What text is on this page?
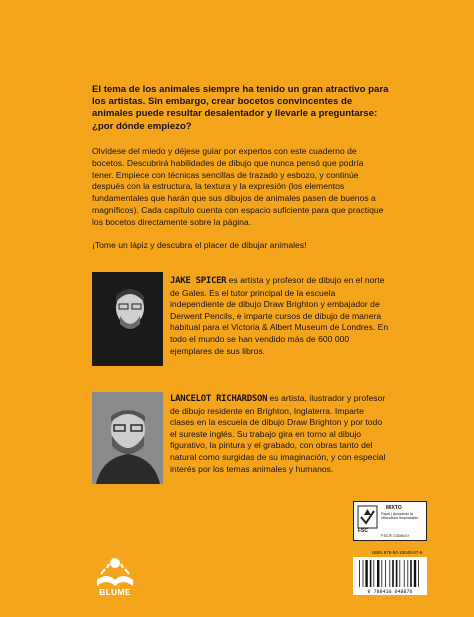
El tema de los animales siempre ha tenido un gran atractivo para los artistas. Sin embargo, crear bocetos convincentes de animales puede resultar desalentador y llevarle a preguntarse: ¿por dónde empiezo?
Olvídese del miedo y déjese guiar por expertos con este cuaderno de bocetos. Descubrirá habilidades de dibujo que nunca pensó que podría tener. Empiece con técnicas sencillas de trazado y esbozo, y continúe después con la estructura, la textura y la expresión (los elementos fundamentales que harán que sus dibujos de animales pasen de buenos a magníficos). Cada capítulo cuenta con espacio suficiente para que practique los bocetos directamente sobre la página.
¡Tome un lápiz y descubra el placer de dibujar animales!
JAKE SPICER es artista y profesor de dibujo en el norte de Gales. Es el tutor principal de la escuela independiente de dibujo Draw Brighton y embajador de Derwent Pencils, e imparte cursos de dibujo de manera habitual para el Victoria & Albert Museum de Londres. En todo el mundo se han vendido más de 600 000 ejemplares de sus libros.
LANCELOT RICHARDSON es artista, ilustrador y profesor de dibujo residente en Brighton, Inglaterra. Imparte clases en la escuela de dibujo Draw Brighton y por todo el sureste inglés. Su trabajo gira en torno al dibujo figurativo, la pintura y el grabado, con obras tanto del natural como surgidas de su imaginación, y con especial interés por los temas animales y humanos.
MIXTO
Papel | Apoyando la silvicultura responsable
FSC
FSC® C008047
ISBN 978-84-10048-87-6
9 788410 048876
BLUME
